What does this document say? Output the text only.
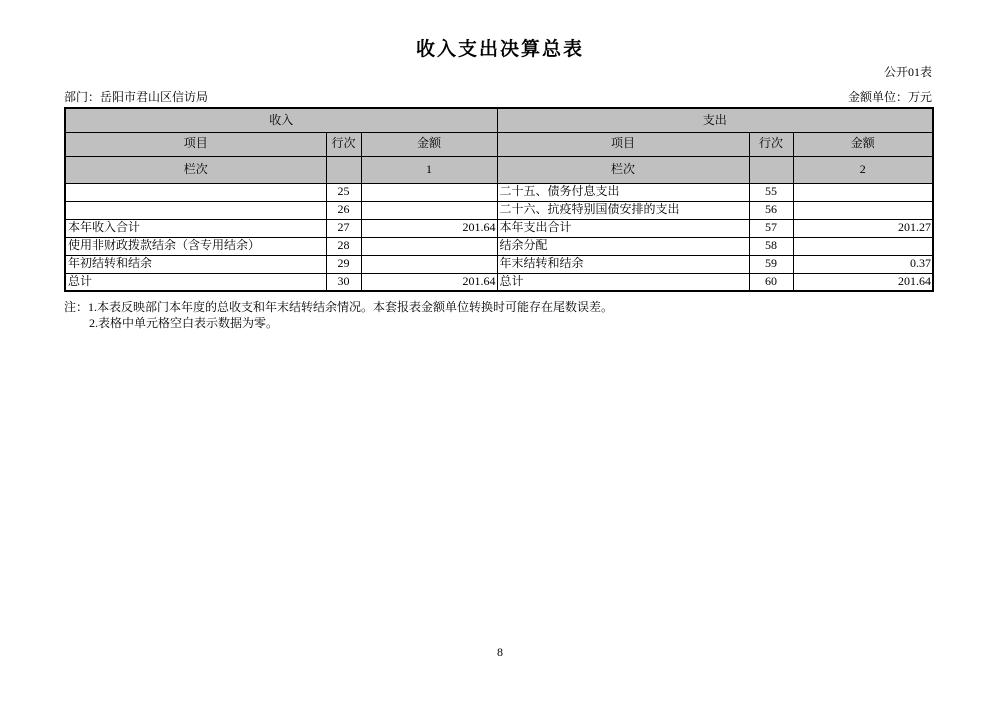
收入支出决算总表
公开01表
部门：岳阳市君山区信访局	金额单位：万元
收入			支出		
项目	行次	金额	项目	行次	金额
栏次		1	栏次		2
	25		二十五、债务付息支出	55	
	26		二十六、抗疫特别国债安排的支出	56	
本年收入合计	27	201.64	本年支出合计	57	201.27
使用非财政拨款结余（含专用结余）	28		结余分配	58	
年初结转和结余	29		年末结转和结余	59	0.37
总计	30	201.64	总计	60	201.64
注：1.本表反映部门本年度的总收支和年末结转结余情况。本套报表金额单位转换时可能存在尾数误差。
2.表格中单元格空白表示数据为零。
8
